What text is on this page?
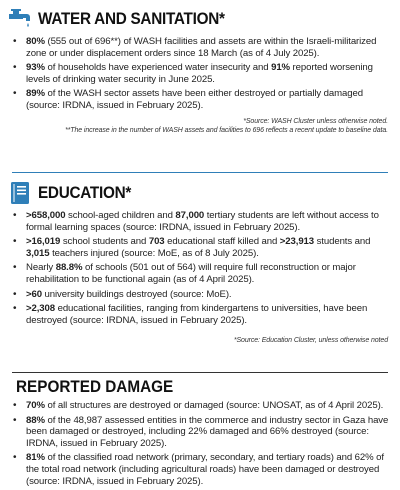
WATER AND SANITATION*
• 80% (555 out of 696**) of WASH facilities and assets are within the Israeli-militarized zone or under displacement orders since 18 March (as of 4 July 2025).
• 93% of households have experienced water insecurity and 91% reported worsening levels of drinking water security in June 2025.
• 89% of the WASH sector assets have been either destroyed or partially damaged (source: IRDNA, issued in February 2025).
*Source: WASH Cluster unless otherwise noted.
**The increase in the number of WASH assets and facilities to 696 reflects a recent update to baseline data.
EDUCATION*
• >658,000 school-aged children and 87,000 tertiary students are left without access to formal learning spaces (source: IRDNA, issued in February 2025).
• >16,019 school students and 703 educational staff killed and >23,913 students and 3,015 teachers injured (source: MoE, as of 8 July 2025).
• Nearly 88.8% of schools (501 out of 564) will require full reconstruction or major rehabilitation to be functional again (as of 4 April 2025).
• >60 university buildings destroyed (source: MoE).
• >2,308 educational facilities, ranging from kindergartens to universities, have been destroyed (source: IRDNA, issued in February 2025).
*Source: Education Cluster, unless otherwise noted
REPORTED DAMAGE
• 70% of all structures are destroyed or damaged (source: UNOSAT, as of 4 April 2025).
• 88% of the 48,987 assessed entities in the commerce and industry sector in Gaza have been damaged or destroyed, including 22% damaged and 66% destroyed (source: IRDNA, issued in February 2025).
• 81% of the classified road network (primary, secondary, and tertiary roads) and 62% of the total road network (including agricultural roads) have been damaged or destroyed (source: IRDNA, issued in February 2025).
